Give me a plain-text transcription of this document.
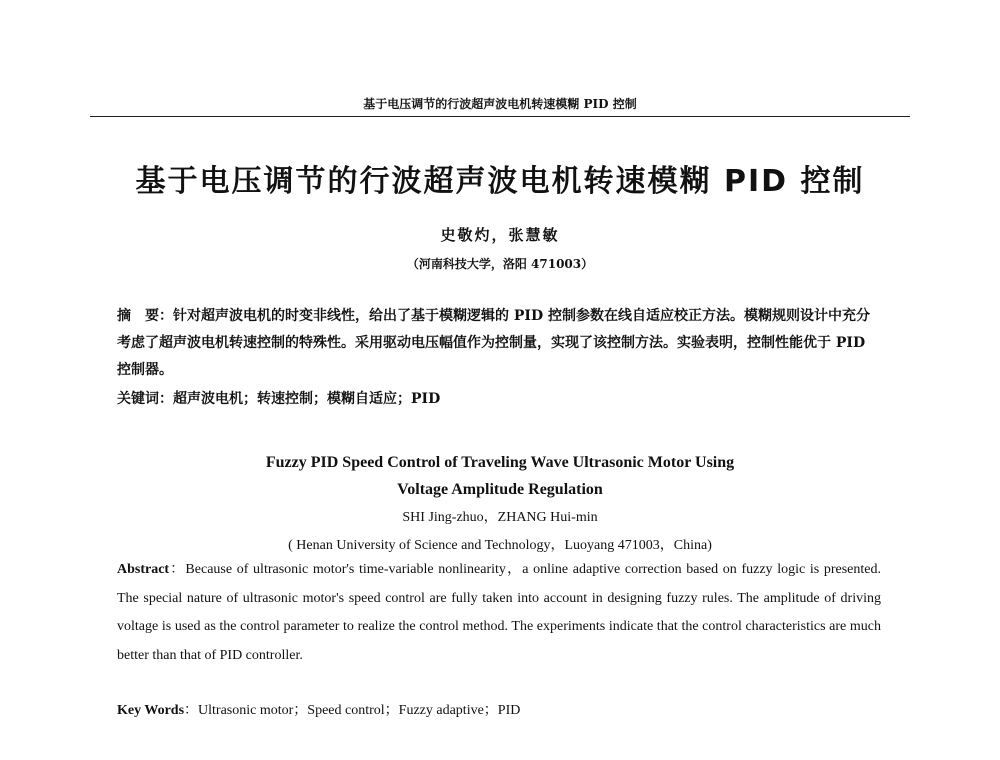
基于电压调节的行波超声波电机转速模糊 PID 控制
基于电压调节的行波超声波电机转速模糊 PID 控制
史敬灼，张慧敏
（河南科技大学，洛阳 471003）
摘　要：针对超声波电机的时变非线性，给出了基于模糊逻辑的 PID 控制参数在线自适应校正方法。模糊规则设计中充分考虑了超声波电机转速控制的特殊性。采用驱动电压幅值作为控制量，实现了该控制方法。实验表明，控制性能优于 PID 控制器。
关键词：超声波电机；转速控制；模糊自适应；PID
Fuzzy PID Speed Control of Traveling Wave Ultrasonic Motor Using
Voltage Amplitude Regulation
SHI Jing-zhuo，ZHANG Hui-min
( Henan University of Science and Technology，Luoyang 471003，China)
Abstract：Because of ultrasonic motor's time-variable nonlinearity，a online adaptive correction based on fuzzy logic is presented. The special nature of ultrasonic motor's speed control are fully taken into account in designing fuzzy rules. The amplitude of driving voltage is used as the control parameter to realize the control method. The experiments indicate that the control characteristics are much better than that of PID controller.
Key Words：Ultrasonic motor；Speed control；Fuzzy adaptive；PID
